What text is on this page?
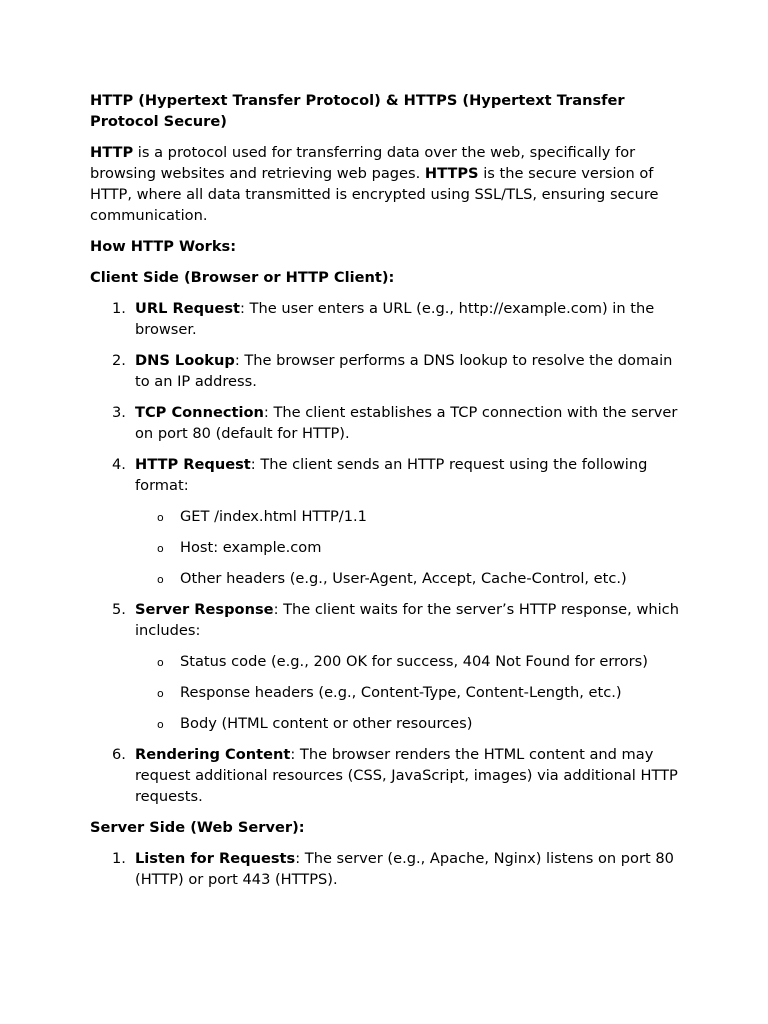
HTTP (Hypertext Transfer Protocol) & HTTPS (Hypertext Transfer Protocol Secure)

HTTP is a protocol used for transferring data over the web, specifically for browsing websites and retrieving web pages. HTTPS is the secure version of HTTP, where all data transmitted is encrypted using SSL/TLS, ensuring secure communication.

How HTTP Works:

Client Side (Browser or HTTP Client):

1. URL Request: The user enters a URL (e.g., http://example.com) in the browser.
2. DNS Lookup: The browser performs a DNS lookup to resolve the domain to an IP address.
3. TCP Connection: The client establishes a TCP connection with the server on port 80 (default for HTTP).
4. HTTP Request: The client sends an HTTP request using the following format:
o GET /index.html HTTP/1.1
o Host: example.com
o Other headers (e.g., User-Agent, Accept, Cache-Control, etc.)
5. Server Response: The client waits for the server’s HTTP response, which includes:
o Status code (e.g., 200 OK for success, 404 Not Found for errors)
o Response headers (e.g., Content-Type, Content-Length, etc.)
o Body (HTML content or other resources)
6. Rendering Content: The browser renders the HTML content and may request additional resources (CSS, JavaScript, images) via additional HTTP requests.

Server Side (Web Server):

1. Listen for Requests: The server (e.g., Apache, Nginx) listens on port 80 (HTTP) or port 443 (HTTPS).
